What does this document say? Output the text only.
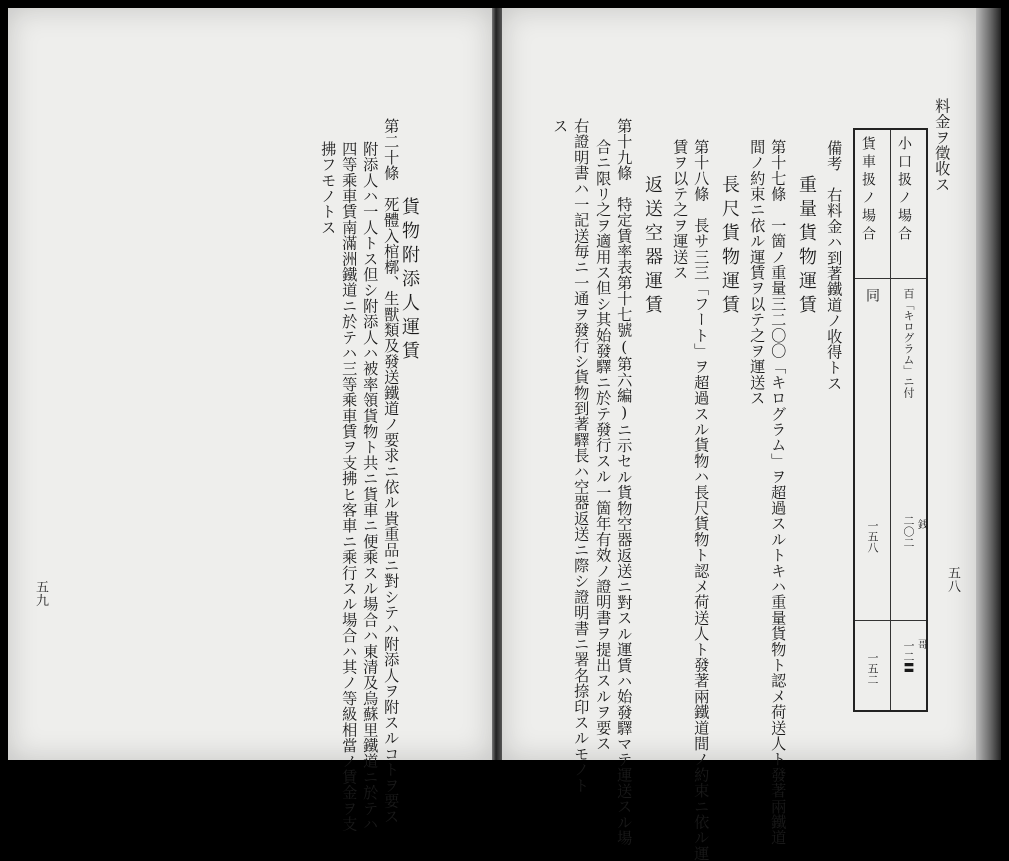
貨物附添人運賃
第二十條　死體入棺槨、生獸類及發送鐵道ノ要求ニ依ル貴重品ニ對シテハ附添人ヲ附スルコトヲ要ス
附添人ハ一人トス但シ附添人ハ被率領貨物ト共ニ貨車ニ便乘スル場合ハ東清及烏蘇里鐵道ニ於テハ
四等乘車賃南滿洲鐵道ニ於テハ三等乘車賃ヲ支拂ヒ客車ニ乘行スル場合ハ其ノ等級相當ノ賃金ヲ支
拂フモノトス
五九
料金ヲ徵收ス
小口扱ノ場合
貨車扱ノ場合
百「キログラム」ニ付
同
二〇二
一五八
一二〓
一五二
銭
哥
備考　右料金ハ到著鐵道ノ收得トス
重量貨物運賃
第十七條　一箇ノ重量三二〇〇「キログラム」ヲ超過スルトキハ重量貨物ト認メ荷送人ト發著兩鐵道
間ノ約束ニ依ル運賃ヲ以テ之ヲ運送ス
長尺貨物運賃
第十八條　長サ三三「フート」ヲ超過スル貨物ハ長尺貨物ト認メ荷送人ト發著兩鐵道間ノ約束ニ依ル運
賃ヲ以テ之ヲ運送ス
返送空器運賃
第十九條　特定賃率表第十七號(第六編)ニ示セル貨物空器返送ニ對スル運賃ハ始發驛マテ運送スル場
合ニ限リ之ヲ適用ス但シ其始發驛ニ於テ發行スル一箇年有效ノ證明書ヲ提出スルヲ要ス
右證明書ハ一記送毎ニ一通ヲ發行シ貨物到著驛長ハ空器返送ニ際シ證明書ニ署名捺印スルモノト
ス
五八
